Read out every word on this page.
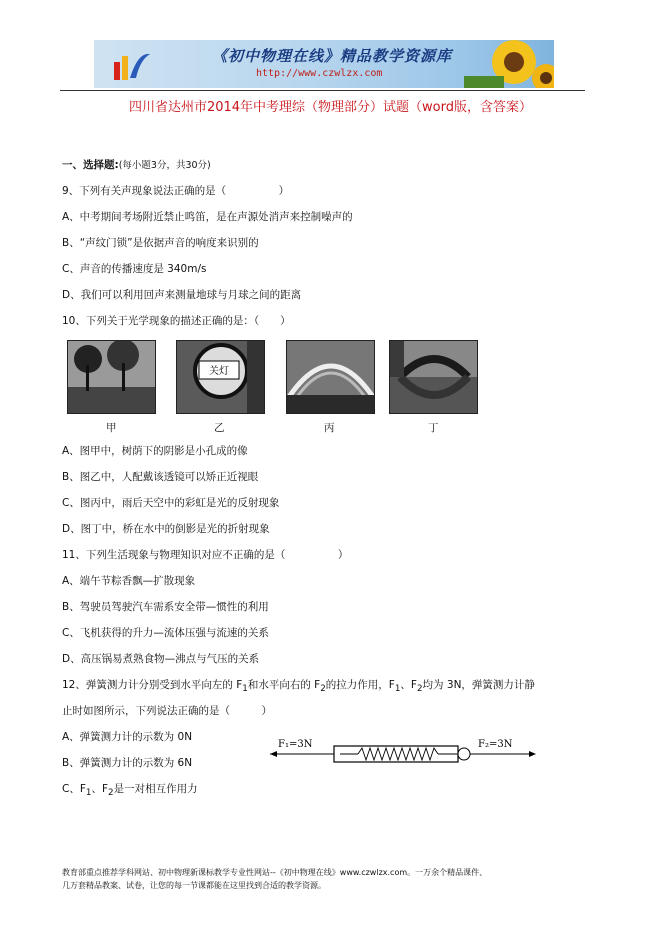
《初中物理在线》精品教学资源库
http://www.czwlzx.com
四川省达州市2014年中考理综（物理部分）试题（word版，含答案）
一、选择题:(每小题3分，共30分)
9、下列有关声现象说法正确的是（　　　　　）
A、中考期间考场附近禁止鸣笛，是在声源处消声来控制噪声的
B、“声纹门锁”是依据声音的响度来识别的
C、声音的传播速度是 340m/s
D、我们可以利用回声来测量地球与月球之间的距离
10、下列关于光学现象的描述正确的是：（　　）
关灯
甲	乙	丙	丁
A、图甲中，树荫下的阴影是小孔成的像
B、图乙中，人配戴该透镜可以矫正近视眼
C、图丙中，雨后天空中的彩虹是光的反射现象
D、图丁中，桥在水中的倒影是光的折射现象
11、下列生活现象与物理知识对应不正确的是（　　　　　）
A、端午节粽香飘—扩散现象
B、驾驶员驾驶汽车需系安全带—惯性的利用
C、飞机获得的升力—流体压强与流速的关系
D、高压锅易煮熟食物—沸点与气压的关系
12、弹簧测力计分别受到水平向左的 $F_1$和水平向右的 $F_2$的拉力作用，$F_1$、$F_2$均为 3N，弹簧测力计静
止时如图所示，下列说法正确的是（　　　）
A、弹簧测力计的示数为 0N
B、弹簧测力计的示数为 6N
C、$F_1$、$F_2$是一对相互作用力
F₁=3N	F₂=3N
教育部重点推荐学科网站、初中物理新课标教学专业性网站--《初中物理在线》www.czwlzx.com。一万余个精品课件、
几万套精品教案、试卷，让您的每一节课都能在这里找到合适的教学资源。
